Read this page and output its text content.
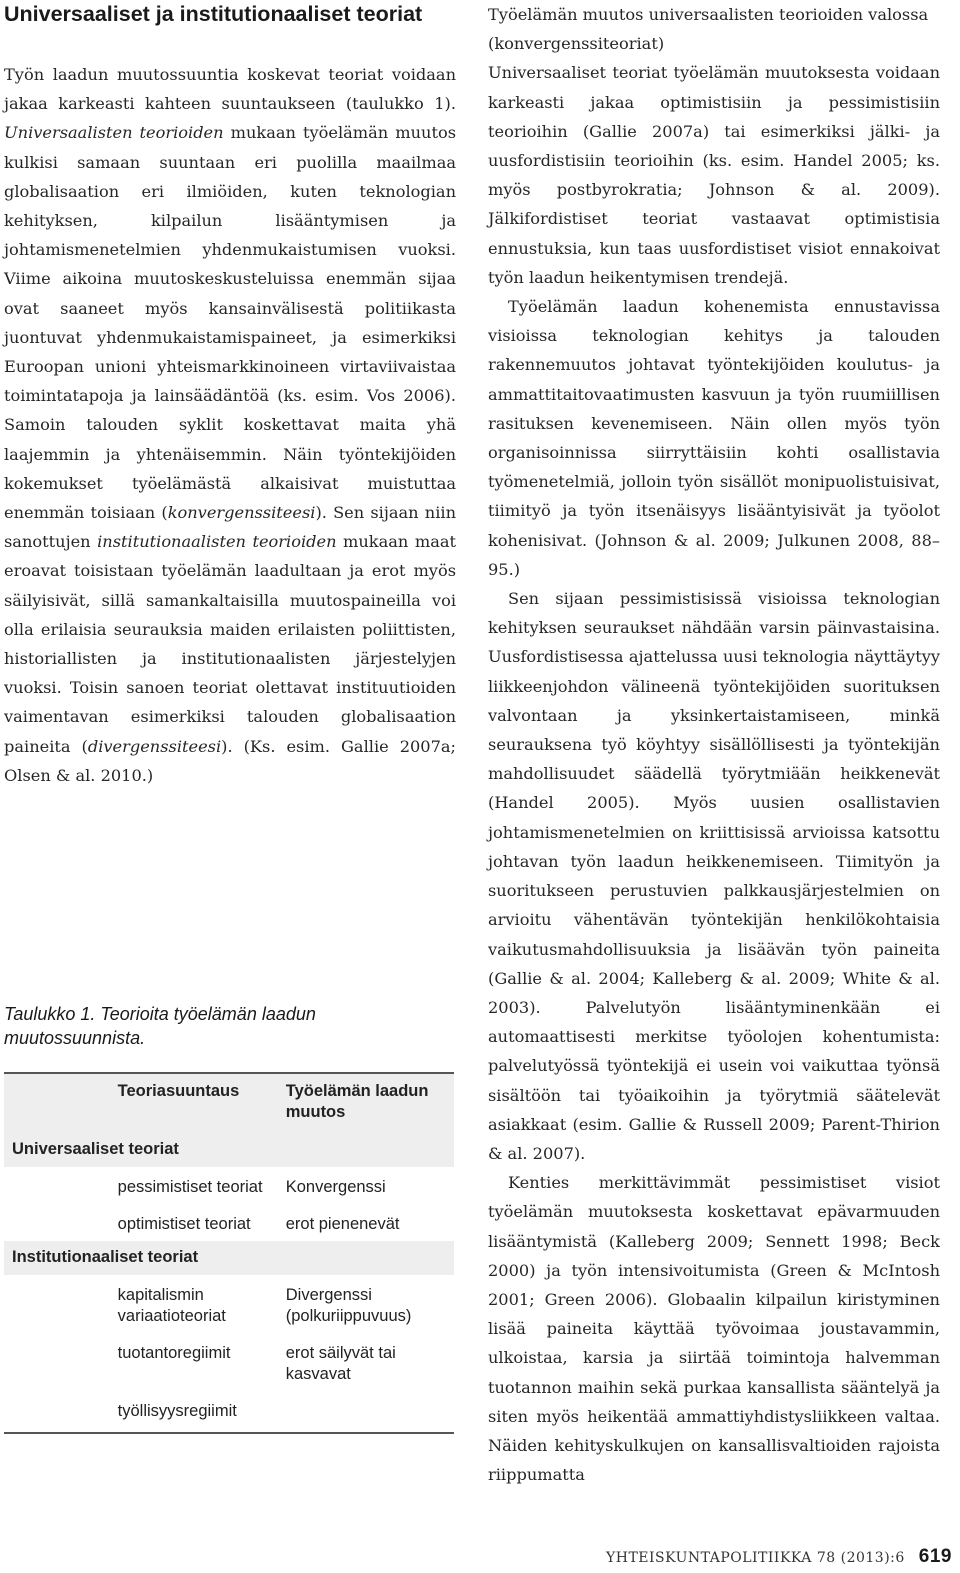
Universaaliset ja institutionaaliset teoriat

Työn laadun muutossuuntia koskevat teoriat voidaan jakaa karkeasti kahteen suuntaukseen (taulukko 1). Universaalisten teorioiden mukaan työelämän muutos kulkisi samaan suuntaan eri puolilla maailmaa globalisaation eri ilmiöiden, kuten teknologian kehityksen, kilpailun lisääntymisen ja johtamismenetelmien yhdenmukaistumisen vuoksi. Viime aikoina muutoskeskusteluissa enemmän sijaa ovat saaneet myös kansainvälisestä politiikasta juontuvat yhdenmukaistamispaineet, ja esimerkiksi Euroopan unioni yhteismarkkinoineen virtaviivaistaa toimintatapoja ja lainsäädäntöä (ks. esim. Vos 2006). Samoin talouden syklit koskettavat maita yhä laajemmin ja yhtenäisemmin. Näin työntekijöiden kokemukset työelämästä alkaisivat muistuttaa enemmän toisiaan (konvergenssiteesi). Sen sijaan niin sanottujen institutionaalisten teorioiden mukaan maat eroavat toisistaan työelämän laadultaan ja erot myös säilyisivät, sillä samankaltaisilla muutospaineilla voi olla erilaisia seurauksia maiden erilaisten poliittisten, historiallisten ja institutionaalisten järjestelyjen vuoksi. Toisin sanoen teoriat olettavat instituutioiden vaimentavan esimerkiksi talouden globalisaation paineita (divergenssiteesi). (Ks. esim. Gallie 2007a; Olsen & al. 2010.)

Taulukko 1. Teorioita työelämän laadun muutossuunnista.

	Teoriasuuntaus	Työelämän laadun muutos
Universaaliset teoriat		
	pessimistiset teoriat	Konvergenssi
	optimistiset teoriat	erot pienenevät
Institutionaaliset teoriat		
	kapitalismin variaatioteoriat	Divergenssi (polkuriippuvuus)
	tuotantoregiimit	erot säilyvät tai kasvavat
	työllisyysregiimit	

Työelämän muutos universaalisten teorioiden valossa (konvergenssiteoriat)

Universaaliset teoriat työelämän muutoksesta voidaan karkeasti jakaa optimistisiin ja pessimistisiin teorioihin (Gallie 2007a) tai esimerkiksi jälki- ja uusfordistisiin teorioihin (ks. esim. Handel 2005; ks. myös postbyrokratia; Johnson & al. 2009). Jälkifordistiset teoriat vastaavat optimistisia ennustuksia, kun taas uusfordistiset visiot ennakoivat työn laadun heikentymisen trendejä.

Työelämän laadun kohenemista ennustavissa visioissa teknologian kehitys ja talouden rakennemuutos johtavat työntekijöiden koulutus- ja ammattitaitovaatimusten kasvuun ja työn ruumiillisen rasituksen kevenemiseen. Näin ollen myös työn organisoinnissa siirryttäisiin kohti osallistavia työmenetelmiä, jolloin työn sisällöt monipuolistuisivat, tiimityö ja työn itsenäisyys lisääntyisivät ja työolot kohenisivat. (Johnson & al. 2009; Julkunen 2008, 88–95.)

Sen sijaan pessimistisissä visioissa teknologian kehityksen seuraukset nähdään varsin päinvastaisina. Uusfordistisessa ajattelussa uusi teknologia näyttäytyy liikkeenjohdon välineenä työntekijöiden suorituksen valvontaan ja yksinkertaistamiseen, minkä seurauksena työ köyhtyy sisällöllisesti ja työntekijän mahdollisuudet säädellä työrytmiään heikkenevät (Handel 2005). Myös uusien osallistavien johtamismenetelmien on kriittisissä arvioissa katsottu johtavan työn laadun heikkenemiseen. Tiimityön ja suoritukseen perustuvien palkkausjärjestelmien on arvioitu vähentävän työntekijän henkilökohtaisia vaikutusmahdollisuuksia ja lisäävän työn paineita (Gallie & al. 2004; Kalleberg & al. 2009; White & al. 2003). Palvelutyön lisääntyminenkään ei automaattisesti merkitse työolojen kohentumista: palvelutyössä työntekijä ei usein voi vaikuttaa työnsä sisältöön tai työaikoihin ja työrytmiä säätelevät asiakkaat (esim. Gallie & Russell 2009; Parent-Thirion & al. 2007).

Kenties merkittävimmät pessimistiset visiot työelämän muutoksesta koskettavat epävarmuuden lisääntymistä (Kalleberg 2009; Sennett 1998; Beck 2000) ja työn intensivoitumista (Green & McIntosh 2001; Green 2006). Globaalin kilpailun kiristyminen lisää paineita käyttää työvoimaa joustavammin, ulkoistaa, karsia ja siirtää toimintoja halvemman tuotannon maihin sekä purkaa kansallista sääntelyä ja siten myös heikentää ammattiyhdistysliikkeen valtaa. Näiden kehityskulkujen on kansallisvaltioiden rajoista riippumatta

YHTEISKUNTAPOLITIIKKA 78 (2013):6 619
